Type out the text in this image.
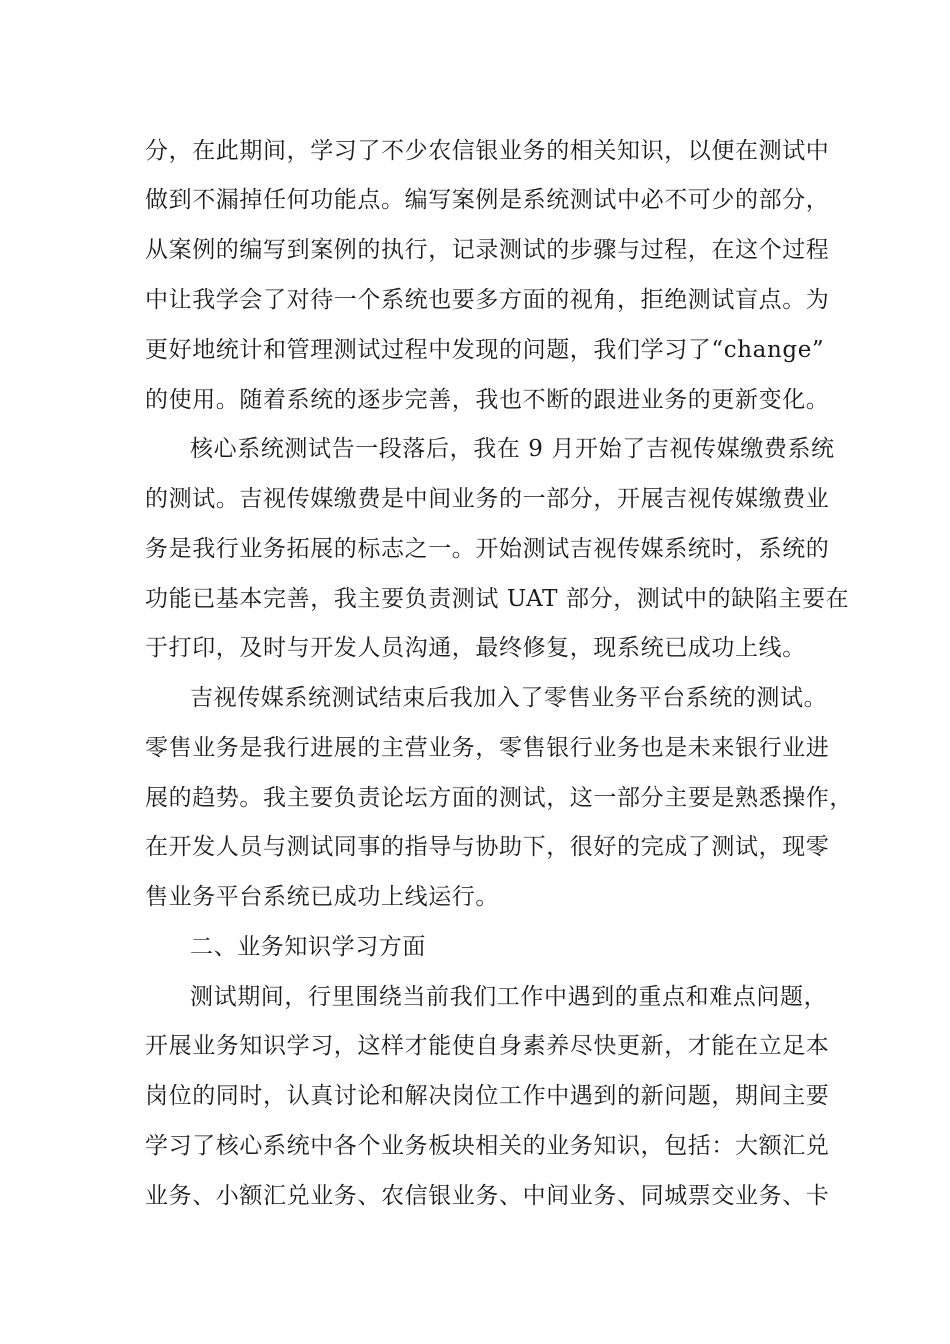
分，在此期间，学习了不少农信银业务的相关知识，以便在测试中
做到不漏掉任何功能点。编写案例是系统测试中必不可少的部分，
从案例的编写到案例的执行，记录测试的步骤与过程，在这个过程
中让我学会了对待一个系统也要多方面的视角，拒绝测试盲点。为
更好地统计和管理测试过程中发现的问题，我们学习了“change”
的使用。随着系统的逐步完善，我也不断的跟进业务的更新变化。
核心系统测试告一段落后，我在 9 月开始了吉视传媒缴费系统
的测试。吉视传媒缴费是中间业务的一部分，开展吉视传媒缴费业
务是我行业务拓展的标志之一。开始测试吉视传媒系统时，系统的
功能已基本完善，我主要负责测试 UAT 部分，测试中的缺陷主要在
于打印，及时与开发人员沟通，最终修复，现系统已成功上线。
吉视传媒系统测试结束后我加入了零售业务平台系统的测试。
零售业务是我行进展的主营业务，零售银行业务也是未来银行业进
展的趋势。我主要负责论坛方面的测试，这一部分主要是熟悉操作，
在开发人员与测试同事的指导与协助下，很好的完成了测试，现零
售业务平台系统已成功上线运行。
二、业务知识学习方面
测试期间，行里围绕当前我们工作中遇到的重点和难点问题，
开展业务知识学习，这样才能使自身素养尽快更新，才能在立足本
岗位的同时，认真讨论和解决岗位工作中遇到的新问题，期间主要
学习了核心系统中各个业务板块相关的业务知识，包括：大额汇兑
业务、小额汇兑业务、农信银业务、中间业务、同城票交业务、卡
